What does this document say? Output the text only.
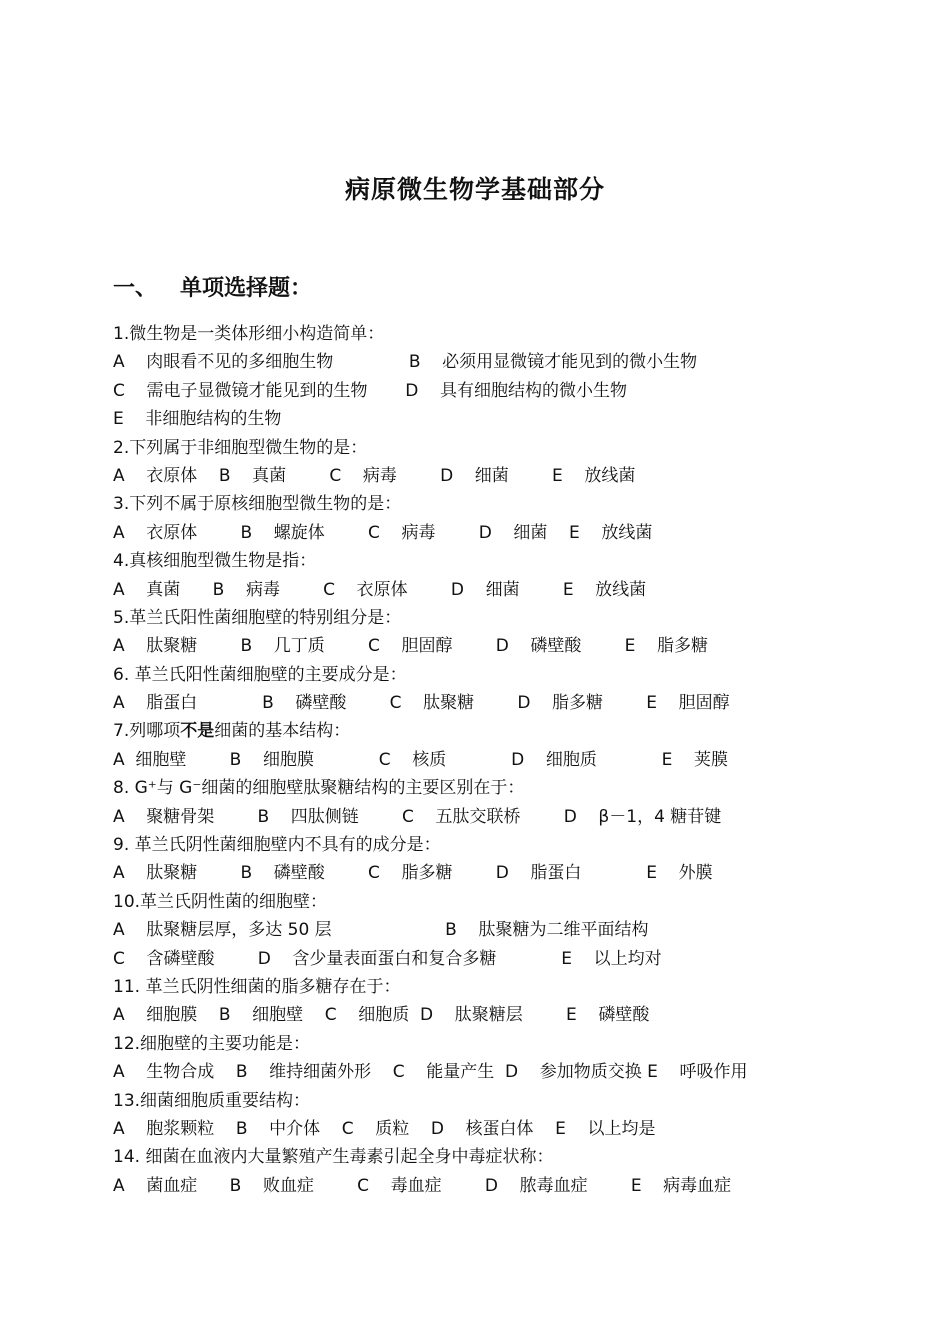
病原微生物学基础部分
一、   单项选择题：
1.微生物是一类体形细小构造简单：
A    肉眼看不见的多细胞生物              B    必须用显微镜才能见到的微小生物
C    需电子显微镜才能见到的生物       D    具有细胞结构的微小生物
E    非细胞结构的生物
2.下列属于非细胞型微生物的是：
A    衣原体    B    真菌        C    病毒        D    细菌        E    放线菌
3.下列不属于原核细胞型微生物的是：
A    衣原体        B    螺旋体        C    病毒        D    细菌    E    放线菌
4.真核细胞型微生物是指：
A    真菌      B    病毒        C    衣原体        D    细菌        E    放线菌
5.革兰氏阳性菌细胞壁的特别组分是：
A    肽聚糖        B    几丁质        C    胆固醇        D    磷壁酸        E    脂多糖
6. 革兰氏阳性菌细胞壁的主要成分是：
A    脂蛋白            B    磷壁酸        C    肽聚糖        D    脂多糖        E    胆固醇
7.列哪项不是细菌的基本结构：
A  细胞壁        B    细胞膜            C    核质            D    细胞质            E    荚膜
8. G⁺与 G⁻细菌的细胞壁肽聚糖结构的主要区别在于：
A    聚糖骨架        B    四肽侧链        C    五肽交联桥        D    β－1，4 糖苷键
9. 革兰氏阴性菌细胞壁内不具有的成分是：
A    肽聚糖        B    磷壁酸        C    脂多糖        D    脂蛋白            E    外膜
10.革兰氏阴性菌的细胞壁：
A    肽聚糖层厚，多达 50 层                     B    肽聚糖为二维平面结构
C    含磷壁酸        D    含少量表面蛋白和复合多糖            E    以上均对
11. 革兰氏阴性细菌的脂多糖存在于：
A    细胞膜    B    细胞壁    C    细胞质  D    肽聚糖层        E    磷壁酸
12.细胞壁的主要功能是：
A    生物合成    B    维持细菌外形    C    能量产生  D    参加物质交换 E    呼吸作用
13.细菌细胞质重要结构：
A    胞浆颗粒    B    中介体    C    质粒    D    核蛋白体    E    以上均是
14. 细菌在血液内大量繁殖产生毒素引起全身中毒症状称：
A    菌血症      B    败血症        C    毒血症        D    脓毒血症        E    病毒血症
